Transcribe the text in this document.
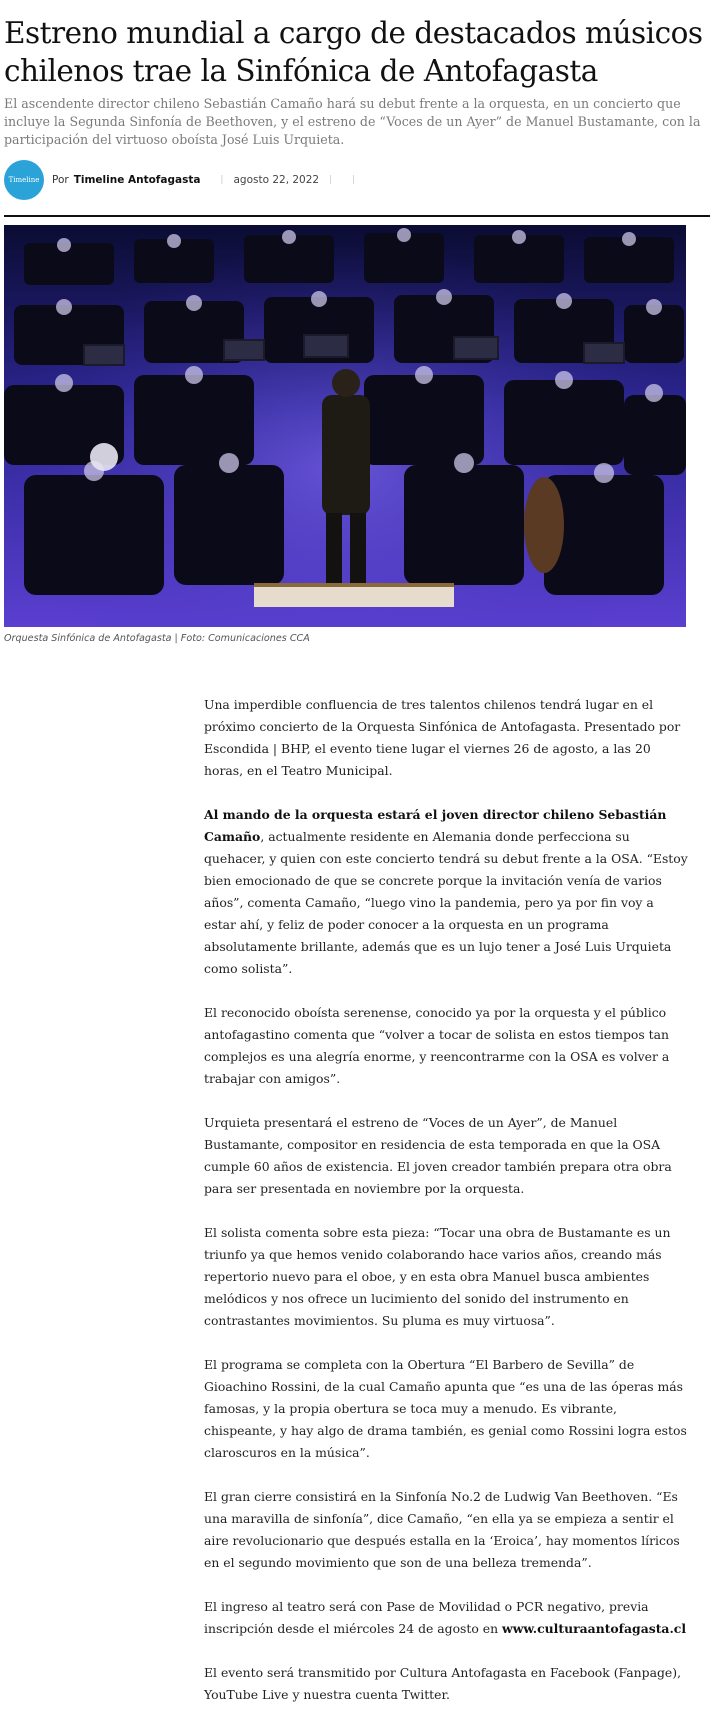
Estreno mundial a cargo de destacados músicos chilenos trae la Sinfónica de Antofagasta

El ascendente director chileno Sebastián Camaño hará su debut frente a la orquesta, en un concierto que incluye la Segunda Sinfonía de Beethoven, y el estreno de “Voces de un Ayer” de Manuel Bustamante, con la participación del virtuoso oboísta José Luis Urquieta.

Timeline Por Timeline Antofagasta | agosto 22, 2022 | |

Orquesta Sinfónica de Antofagasta | Foto: Comunicaciones CCA

Una imperdible confluencia de tres talentos chilenos tendrá lugar en el próximo concierto de la Orquesta Sinfónica de Antofagasta. Presentado por Escondida | BHP, el evento tiene lugar el viernes 26 de agosto, a las 20 horas, en el Teatro Municipal.

Al mando de la orquesta estará el joven director chileno Sebastián Camaño, actualmente residente en Alemania donde perfecciona su quehacer, y quien con este concierto tendrá su debut frente a la OSA. “Estoy bien emocionado de que se concrete porque la invitación venía de varios años”, comenta Camaño, “luego vino la pandemia, pero ya por fin voy a estar ahí, y feliz de poder conocer a la orquesta en un programa absolutamente brillante, además que es un lujo tener a José Luis Urquieta como solista”.

El reconocido oboísta serenense, conocido ya por la orquesta y el público antofagastino comenta que “volver a tocar de solista en estos tiempos tan complejos es una alegría enorme, y reencontrarme con la OSA es volver a trabajar con amigos”.

Urquieta presentará el estreno de “Voces de un Ayer”, de Manuel Bustamante, compositor en residencia de esta temporada en que la OSA cumple 60 años de existencia. El joven creador también prepara otra obra para ser presentada en noviembre por la orquesta.

El solista comenta sobre esta pieza: “Tocar una obra de Bustamante es un triunfo ya que hemos venido colaborando hace varios años, creando más repertorio nuevo para el oboe, y en esta obra Manuel busca ambientes melódicos y nos ofrece un lucimiento del sonido del instrumento en contrastantes movimientos. Su pluma es muy virtuosa”.

El programa se completa con la Obertura “El Barbero de Sevilla” de Gioachino Rossini, de la cual Camaño apunta que “es una de las óperas más famosas, y la propia obertura se toca muy a menudo. Es vibrante, chispeante, y hay algo de drama también, es genial como Rossini logra estos claroscuros en la música”.

El gran cierre consistirá en la Sinfonía No.2 de Ludwig Van Beethoven. “Es una maravilla de sinfonía”, dice Camaño, “en ella ya se empieza a sentir el aire revolucionario que después estalla en la ‘Eroica’, hay momentos líricos en el segundo movimiento que son de una belleza tremenda”.

El ingreso al teatro será con Pase de Movilidad o PCR negativo, previa inscripción desde el miércoles 24 de agosto en www.culturaantofagasta.cl

El evento será transmitido por Cultura Antofagasta en Facebook (Fanpage), YouTube Live y nuestra cuenta Twitter.
